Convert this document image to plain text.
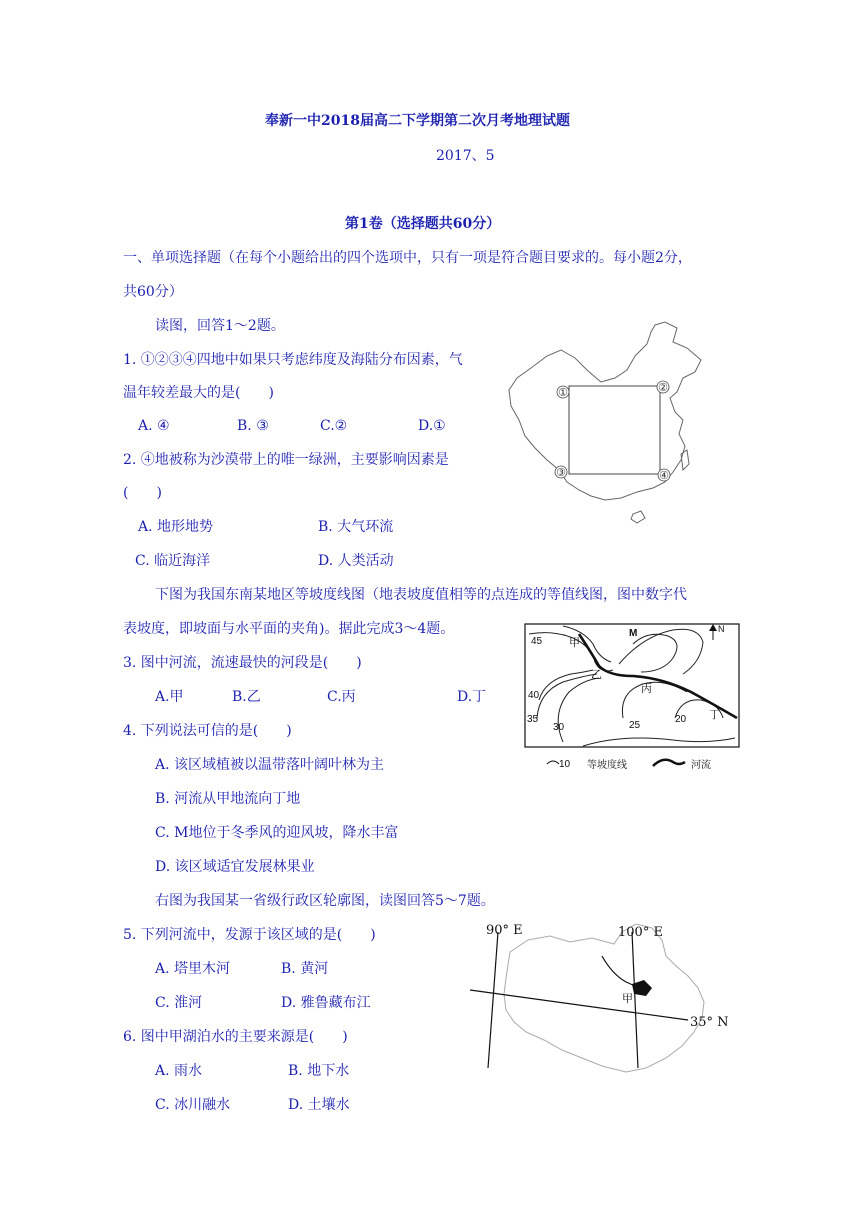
奉新一中2018届高二下学期第二次月考地理试题
2017、5
第1卷（选择题共60分）
一、单项选择题（在每个小题给出的四个选项中，只有一项是符合题目要求的。每小题2分，
共60分）
读图，回答1～2题。
1. ①②③④四地中如果只考虑纬度及海陆分布因素，气
温年较差最大的是(　　)
A. ④	B. ③	C.②	D.①
2. ④地被称为沙漠带上的唯一绿洲，主要影响因素是
(　　)
A. 地形地势	B. 大气环流
C. 临近海洋	D. 人类活动
①	②
③	④
下图为我国东南某地区等坡度线图（地表坡度值相等的点连成的等值线图，图中数字代
表坡度，即坡面与水平面的夹角)。据此完成3～4题。
3. 图中河流，流速最快的河段是(　　)
A.甲	B.乙	C.丙	D.丁
4. 下列说法可信的是(　　)
A. 该区域植被以温带落叶阔叶林为主
B. 河流从甲地流向丁地
C. M地位于冬季风的迎风坡，降水丰富
D. 该区域适宜发展林果业
45
40
35
30	25
20
甲
M
乙
丙
丁
N
10 等坡度线	河流
右图为我国某一省级行政区轮廓图，读图回答5～7题。
5. 下列河流中，发源于该区域的是(　　)
A. 塔里木河	B. 黄河
C. 淮河	D. 雅鲁藏布江
6. 图中甲湖泊水的主要来源是(　　)
A. 雨水	B. 地下水
C. 冰川融水	D. 土壤水
甲
90° E	100° E
35° N
